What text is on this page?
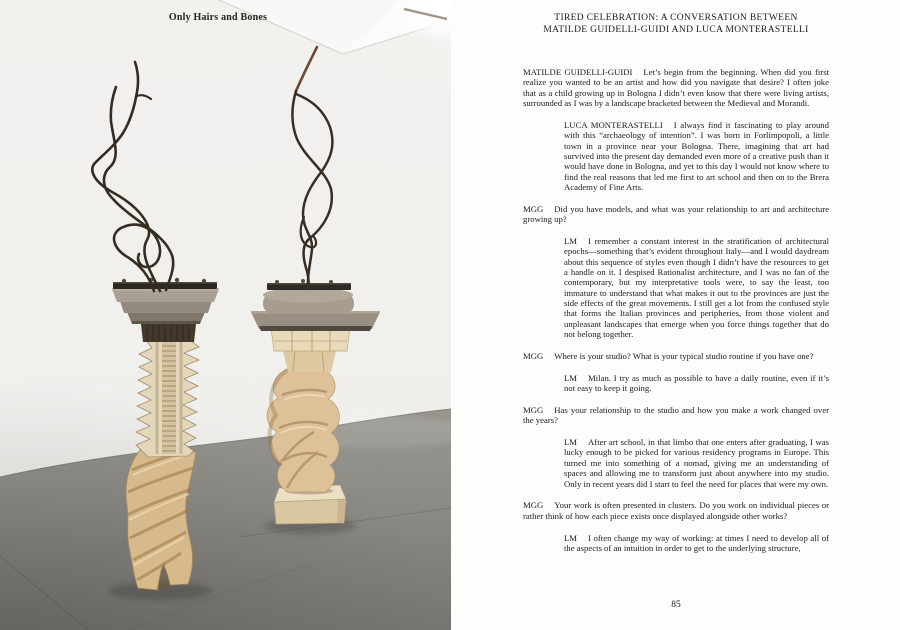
Only Hairs and Bones	TIRED CELEBRATION: A CONVERSATION BETWEEN
MATILDE GUIDELLI-GUIDI AND LUCA MONTERASTELLI
MATILDE GUIDELLI-GUIDI Let’s begin from the beginning. When did you first realize you wanted to be an artist and how did you navigate that desire? I often joke that as a child growing up in Bologna I didn’t even know that there were living artists, surrounded as I was by a landscape bracketed between the Medieval and Morandi.
LUCA MONTERASTELLI I always find it fascinating to play around with this “archaeology of intention”. I was born in Forlimpopoli, a little town in a province near your Bologna. There, imagining that art had survived into the present day demanded even more of a creative push than it would have done in Bologna, and yet to this day I would not know where to find the real reasons that led me first to art school and then on to the Brera Academy of Fine Arts.
MGG Did you have models, and what was your relationship to art and architecture growing up?
LM I remember a constant interest in the stratification of architectural epochs—something that’s evident throughout Italy—and I would daydream about this sequence of styles even though I didn’t have the resources to get a handle on it. I despised Rationalist architecture, and I was no fan of the contemporary, but my interpretative tools were, to say the least, too immature to understand that what makes it out to the provinces are just the side effects of the great movements. I still get a lot from the confused style that forms the Italian provinces and peripheries, from those violent and unpleasant landscapes that emerge when you force things together that do not belong together.
MGG Where is your studio? What is your typical studio routine if you have one?
LM Milan. I try as much as possible to have a daily routine, even if it’s not easy to keep it going.
MGG Has your relationship to the studio and how you make a work changed over the years?
LM After art school, in that limbo that one enters after graduating, I was lucky enough to be picked for various residency programs in Europe. This turned me into something of a nomad, giving me an understanding of spaces and allowing me to transform just about anywhere into my studio. Only in recent years did I start to feel the need for places that were my own.
MGG Your work is often presented in clusters. Do you work on individual pieces or rather think of how each piece exists once displayed alongside other works?
LM I often change my way of working: at times I need to develop all of the aspects of an intuition in order to get to the underlying structure,
85
